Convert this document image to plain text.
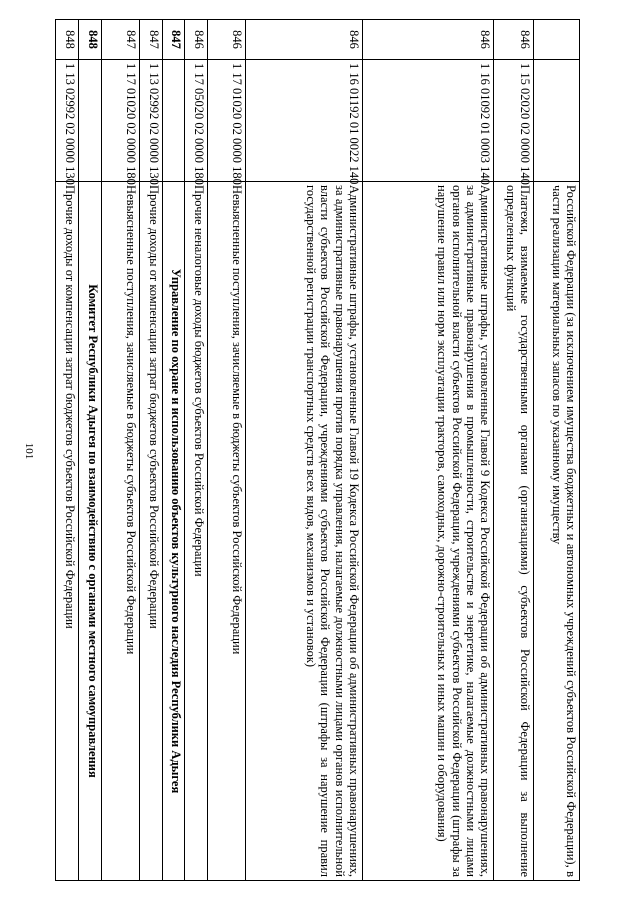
101
			Российской Федерации (за исключением имущества бюджетных и автономных учреждений субъектов Российской Федерации), в части реализации материальных запасов по указанному имуществу
846	1 15 02020 02 0000 140	Платежи, взимаемые государственными органами (организациями) субъектов Российской Федерации за выполнение определенных функций
846	1 16 01092 01 0003 140	Административные штрафы, установленные Главой 9 Кодекса Российской Федерации об административных правонарушениях, за административные правонарушения в промышленности, строительстве и энергетике, налагаемые должностными лицами органов исполнительной власти субъектов Российской Федерации, учреждениями субъектов Российской Федерации (штрафы за нарушение правил или норм эксплуатации тракторов, самоходных, дорожно-строительных и иных машин и оборудования)
846	1 16 01192 01 0022 140	Административные штрафы, установленные Главой 19 Кодекса Российской Федерации об административных правонарушениях, за административные правонарушения против порядка управления, налагаемые должностными лицами органов исполнительной власти субъектов Российской Федерации, учреждениями субъектов Российской Федерации (штрафы за нарушение правил государственной регистрации транспортных средств всех видов, механизмов и установок)
846	1 17 01020 02 0000 180	Невыясненные поступления, зачисляемые в бюджеты субъектов Российской Федерации
846	1 17 05020 02 0000 180	Прочие неналоговые доходы бюджетов субъектов Российской Федерации
847		Управление по охране и использованию объектов культурного наследия Республики Адыгея
847	1 13 02992 02 0000 130	Прочие доходы от компенсации затрат бюджетов субъектов Российской Федерации
847	1 17 01020 02 0000 180	Невыясненные поступления, зачисляемые в бюджеты субъектов Российской Федерации
848		Комитет Республики Адыгея по взаимодействию с органами местного самоуправления
848	1 13 02992 02 0000 130	Прочие доходы от компенсации затрат бюджетов субъектов Российской Федерации
